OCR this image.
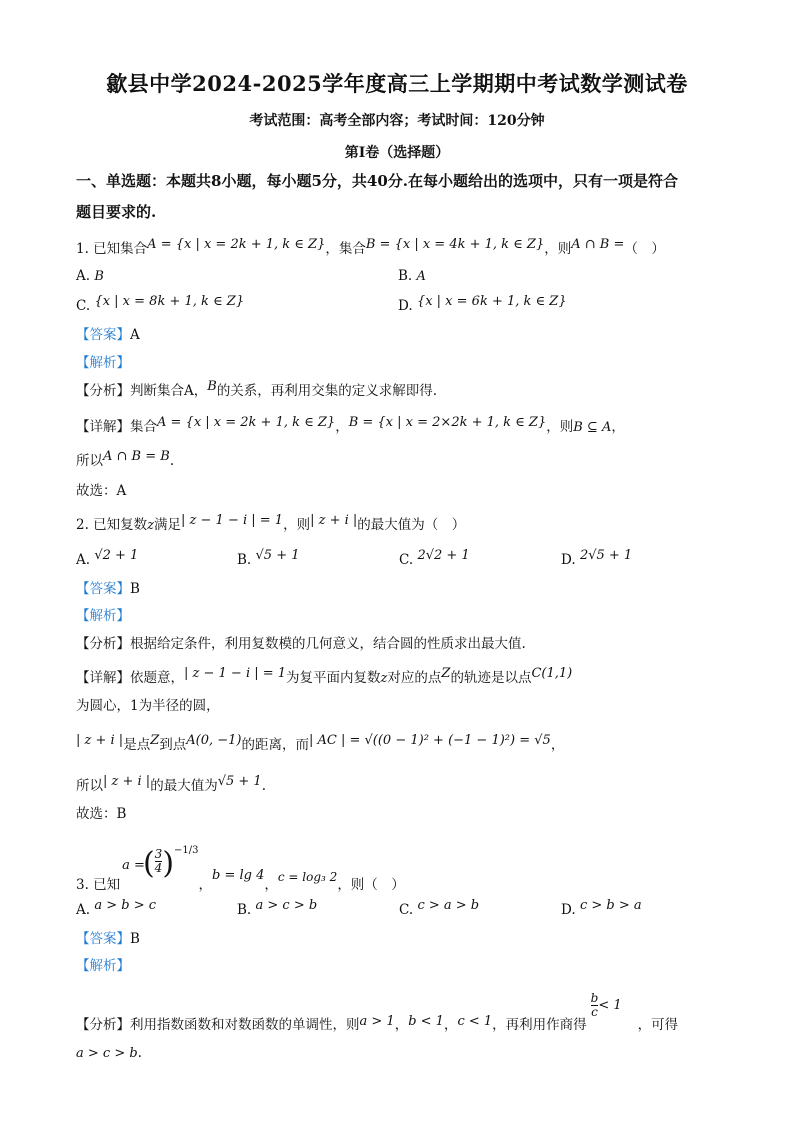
歙县中学2024-2025学年度高三上学期期中考试数学测试卷
考试范围：高考全部内容；考试时间：120分钟
第I卷（选择题）
一、单选题：本题共8小题，每小题5分，共40分.在每小题给出的选项中，只有一项是符合
题目要求的.
1. 已知集合A = {x | x = 2k + 1, k ∈ Z}，集合B = {x | x = 4k + 1, k ∈ Z}，则A ∩ B =（　）
A. B	B. A
C. {x | x = 8k + 1, k ∈ Z}	D. {x | x = 6k + 1, k ∈ Z}
【答案】A
【解析】
【分析】判断集合A，B的关系，再利用交集的定义求解即得.
【详解】集合A = {x | x = 2k + 1, k ∈ Z}，B = {x | x = 2×2k + 1, k ∈ Z}，则B ⊆ A，
所以A ∩ B = B.
故选：A
2. 已知复数z满足| z − 1 − i | = 1，则| z + i |的最大值为（　）
A. √2 + 1	B. √5 + 1	C. 2√2 + 1	D. 2√5 + 1
【答案】B
【解析】
【分析】根据给定条件，利用复数模的几何意义，结合圆的性质求出最大值.
【详解】依题意，| z − 1 − i | = 1为复平面内复数z对应的点Z的轨迹是以点C(1,1)
为圆心，1为半径的圆，
| z + i |是点Z到点A(0, −1)的距离，而| AC | = √((0 − 1)² + (−1 − 1)²) = √5，
所以| z + i |的最大值为√5 + 1.
故选：B
3. 已知a =( $\frac{3}{4} )^{-1/3}$，b = lg 4，c = log₃ 2，则（　）
A. a > b > c	B. a > c > b	C. c > a > b	D. c > b > a
【答案】B
【解析】
【分析】利用指数函数和对数函数的单调性，则a > 1，b < 1，c < 1，再利用作商得
$\frac{b}{c} < 1$，可得
a > c > b.
